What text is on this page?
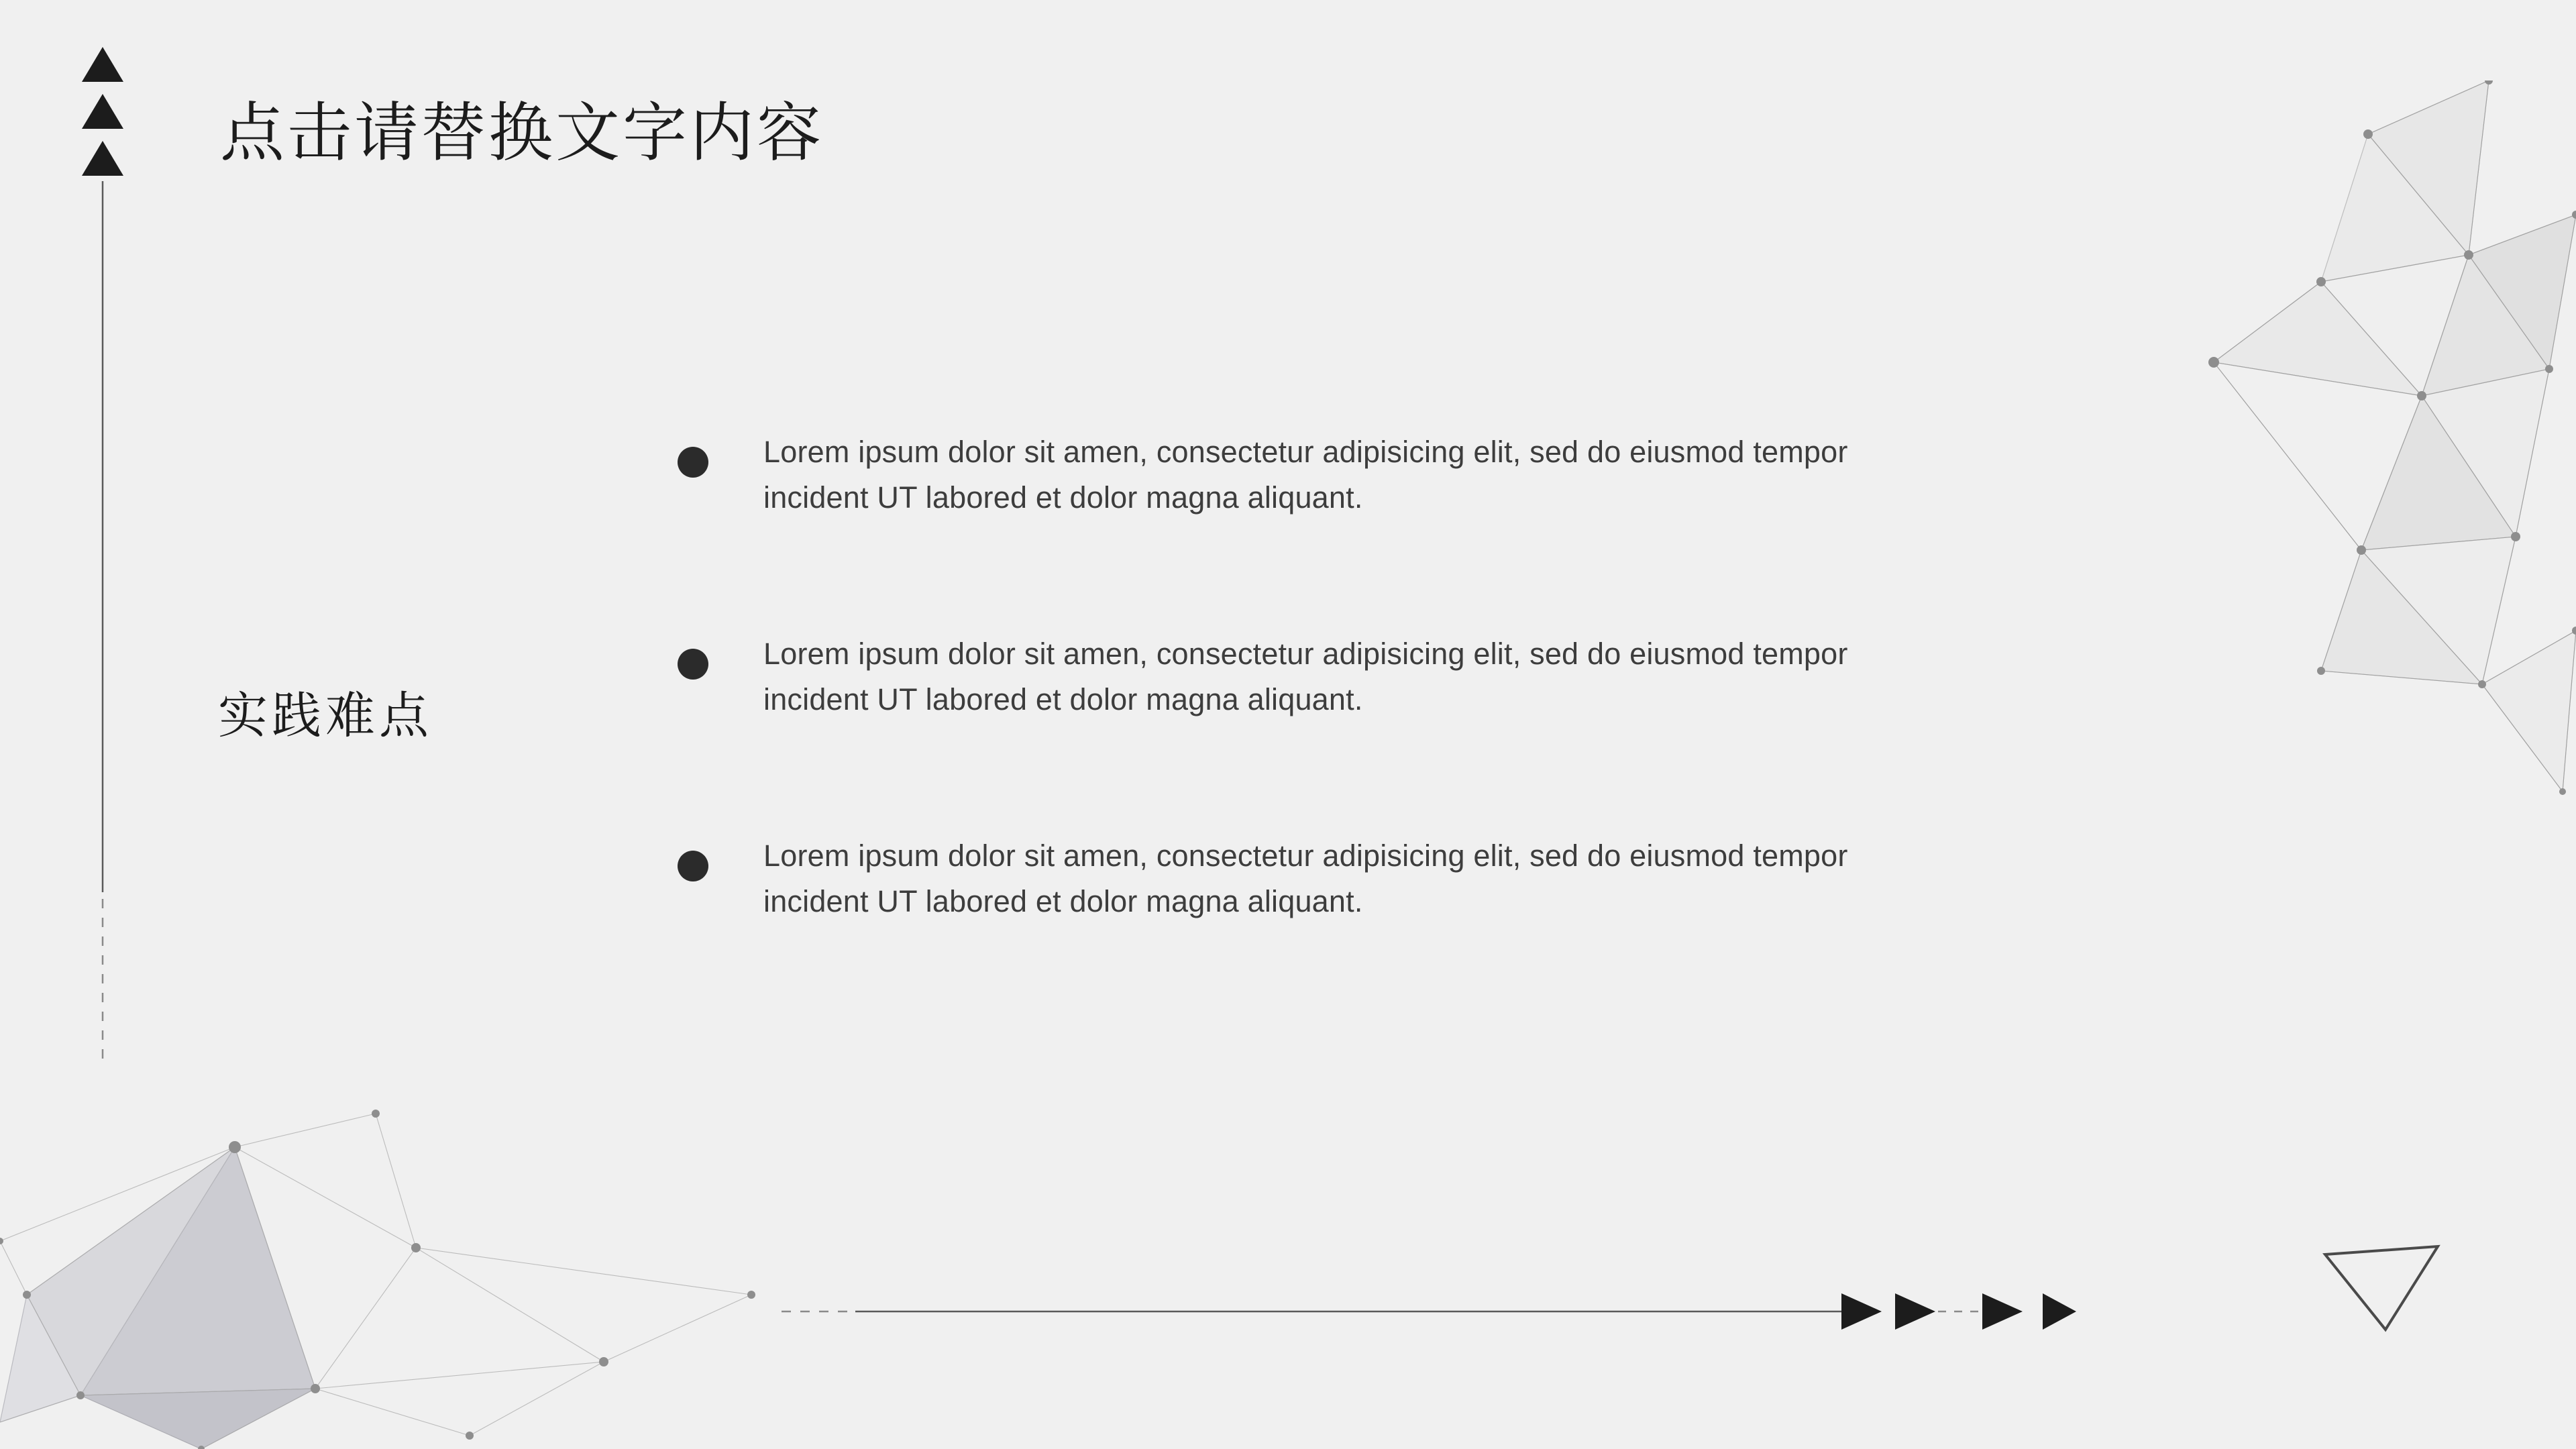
点击请替换文字内容
实践难点
Lorem ipsum dolor sit amen, consectetur adipisicing elit, sed do eiusmod tempor incident UT labored et dolor magna aliquant.
Lorem ipsum dolor sit amen, consectetur adipisicing elit, sed do eiusmod tempor incident UT labored et dolor magna aliquant.
Lorem ipsum dolor sit amen, consectetur adipisicing elit, sed do eiusmod tempor incident UT labored et dolor magna aliquant.
